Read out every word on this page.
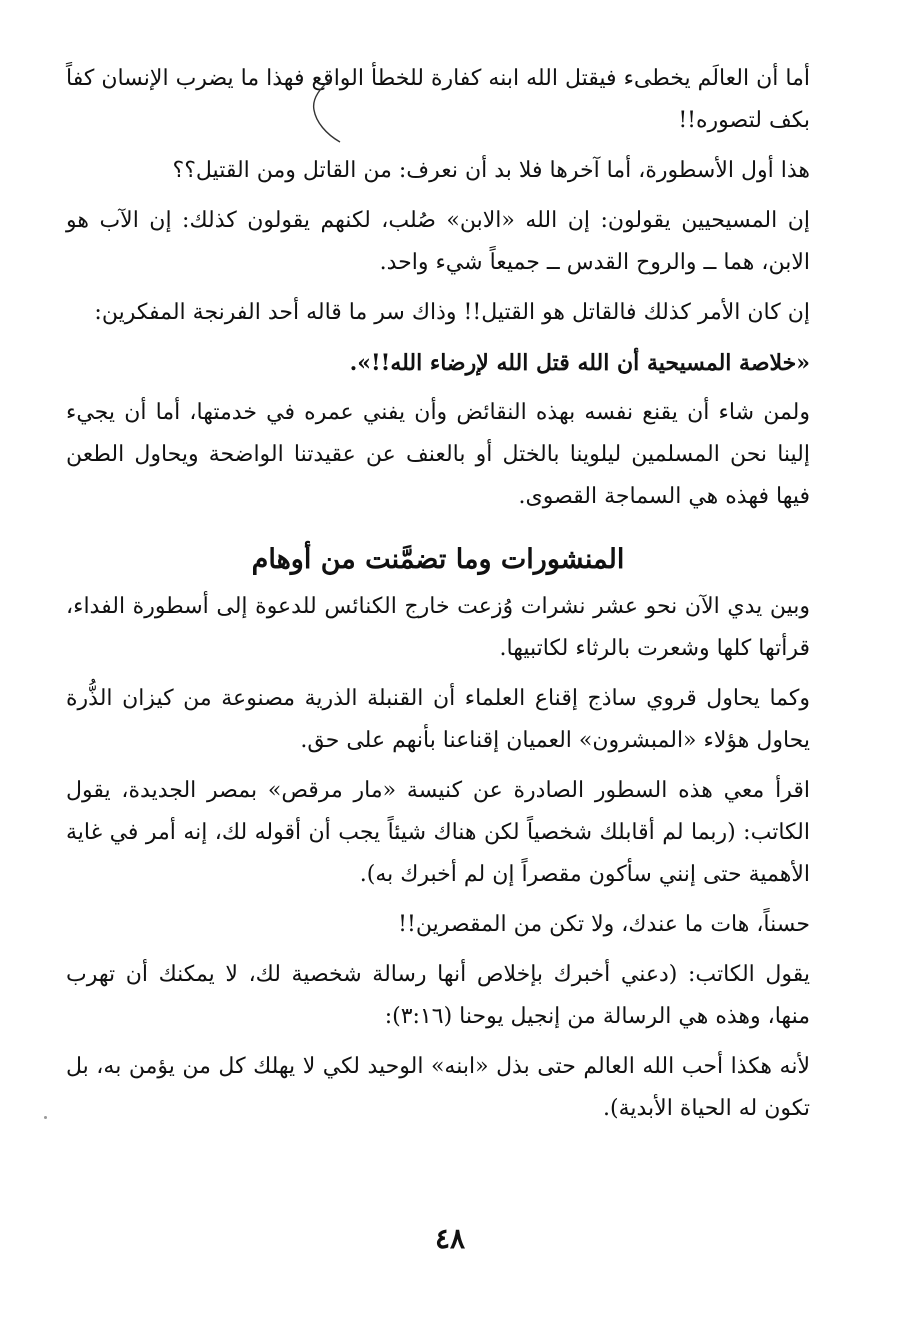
أما أن العالَم يخطىء فيقتل الله ابنه كفارة للخطأ الواقع فهذا ما يضرب الإنسان كفاً بكف لتصوره!!

هذا أول الأسطورة، أما آخرها فلا بد أن نعرف: من القاتل ومن القتيل؟؟

إن المسيحيين يقولون: إن الله «الابن» صُلب، لكنهم يقولون كذلك: إن الآب هو الابن، هما ــ والروح القدس ــ جميعاً شيء واحد.

إن كان الأمر كذلك فالقاتل هو القتيل!! وذاك سر ما قاله أحد الفرنجة المفكرين:

«خلاصة المسيحية أن الله قتل الله لإرضاء الله!!».

ولمن شاء أن يقنع نفسه بهذه النقائض وأن يفني عمره في خدمتها، أما أن يجيء إلينا نحن المسلمين ليلوينا بالختل أو بالعنف عن عقيدتنا الواضحة ويحاول الطعن فيها فهذه هي السماجة القصوى.

المنشورات وما تضمَّنت من أوهام

وبين يدي الآن نحو عشر نشرات وُزعت خارج الكنائس للدعوة إلى أسطورة الفداء، قرأتها كلها وشعرت بالرثاء لكاتبيها.

وكما يحاول قروي ساذج إقناع العلماء أن القنبلة الذرية مصنوعة من كيزان الذُّرة يحاول هؤلاء «المبشرون» العميان إقناعنا بأنهم على حق.

اقرأ معي هذه السطور الصادرة عن كنيسة «مار مرقص» بمصر الجديدة، يقول الكاتب: (ربما لم أقابلك شخصياً لكن هناك شيئاً يجب أن أقوله لك، إنه أمر في غاية الأهمية حتى إنني سأكون مقصراً إن لم أخبرك به).

حسناً، هات ما عندك، ولا تكن من المقصرين!!

يقول الكاتب: (دعني أخبرك بإخلاص أنها رسالة شخصية لك، لا يمكنك أن تهرب منها، وهذه هي الرسالة من إنجيل يوحنا (٣:١٦):

لأنه هكذا أحب الله العالم حتى بذل «ابنه» الوحيد لكي لا يهلك كل من يؤمن به، بل تكون له الحياة الأبدية).

٤٨
